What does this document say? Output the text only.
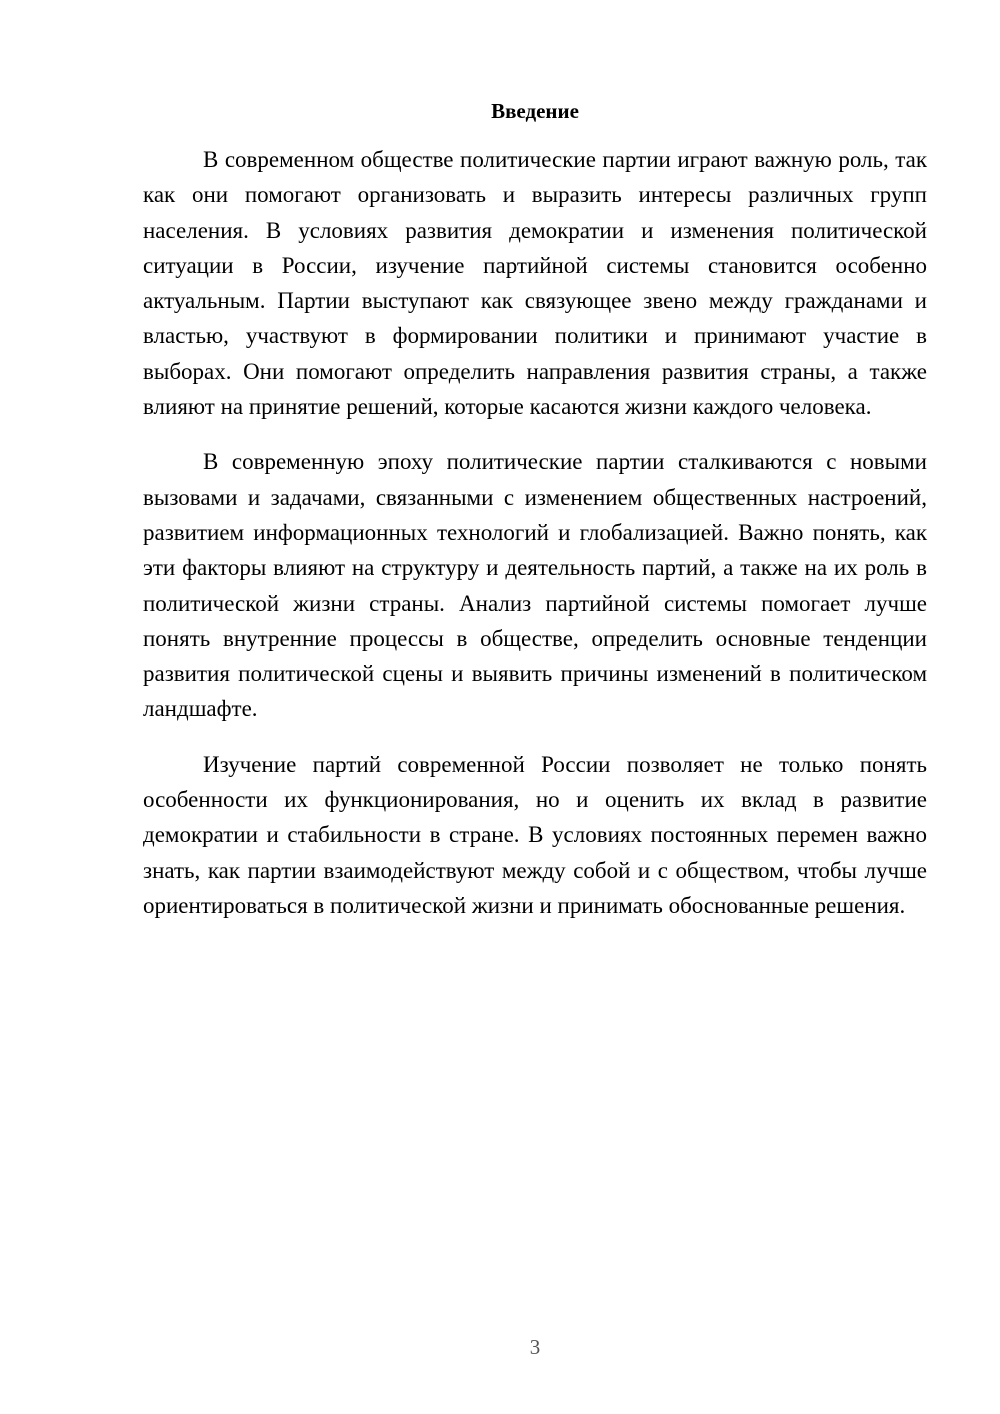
Введение

В современном обществе политические партии играют важную роль, так как они помогают организовать и выразить интересы различных групп населения. В условиях развития демократии и изменения политической ситуации в России, изучение партийной системы становится особенно актуальным. Партии выступают как связующее звено между гражданами и властью, участвуют в формировании политики и принимают участие в выборах. Они помогают определить направления развития страны, а также влияют на принятие решений, которые касаются жизни каждого человека.

В современную эпоху политические партии сталкиваются с новыми вызовами и задачами, связанными с изменением общественных настроений, развитием информационных технологий и глобализацией. Важно понять, как эти факторы влияют на структуру и деятельность партий, а также на их роль в политической жизни страны. Анализ партийной системы помогает лучше понять внутренние процессы в обществе, определить основные тенденции развития политической сцены и выявить причины изменений в политическом ландшафте.

Изучение партий современной России позволяет не только понять особенности их функционирования, но и оценить их вклад в развитие демократии и стабильности в стране. В условиях постоянных перемен важно знать, как партии взаимодействуют между собой и с обществом, чтобы лучше ориентироваться в политической жизни и принимать обоснованные решения.

3
